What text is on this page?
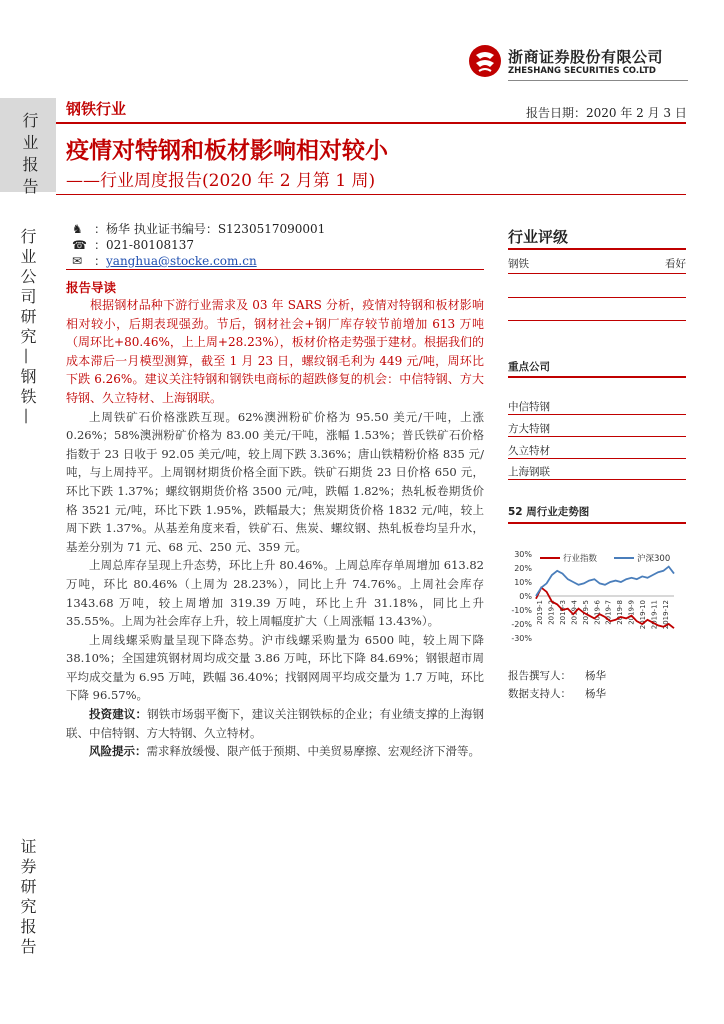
浙商证券股份有限公司
ZHESHANG SECURITIES CO.LTD
行业报告
行业公司研究—钢铁—
证券研究报告
钢铁行业	报告日期：2020 年 2 月 3 日
疫情对特钢和板材影响相对较小
——行业周度报告(2020 年 2 月第 1 周)
♞ ：杨华 执业证书编号：S1230517090001
☎ ：021-80108137
✉ ：yanghua@stocke.com.cn
报告导读

根据钢材品种下游行业需求及 03 年 SARS 分析，疫情对特钢和板材影响相对较小，后期表现强劲。节后，钢材社会+钢厂库存较节前增加 613 万吨（周环比+80.46%，上上周+28.23%），板材价格走势强于建材。根据我们的成本滞后一月模型测算，截至 1 月 23 日，螺纹钢毛利为 449 元/吨，周环比下跌 6.26%。建议关注特钢和钢铁电商标的超跌修复的机会：中信特钢、方大特钢、久立特材、上海钢联。

上周铁矿石价格涨跌互现。62%澳洲粉矿价格为 95.50 美元/干吨，上涨 0.26%；58%澳洲粉矿价格为 83.00 美元/干吨，涨幅 1.53%；普氏铁矿石价格指数于 23 日收于 92.05 美元/吨，较上周下跌 3.36%；唐山铁精粉价格 835 元/吨，与上周持平。上周钢材期货价格全面下跌。铁矿石期货 23 日价格 650 元，环比下跌 1.37%；螺纹钢期货价格 3500 元/吨，跌幅 1.82%；热轧板卷期货价格 3521 元/吨，环比下跌 1.95%，跌幅最大；焦炭期货价格 1832 元/吨，较上周下跌 1.37%。从基差角度来看，铁矿石、焦炭、螺纹钢、热轧板卷均呈升水，基差分别为 71 元、68 元、250 元、359 元。

上周总库存呈现上升态势，环比上升 80.46%。上周总库存单周增加 613.82 万吨，环比 80.46%（上周为 28.23%），同比上升 74.76%。上周社会库存 1343.68 万吨，较上周增加 319.39 万吨，环比上升 31.18%，同比上升 35.55%。上周为社会库存上升，较上周幅度扩大（上周涨幅 13.43%）。

上周线螺采购量呈现下降态势。沪市线螺采购量为 6500 吨，较上周下降 38.10%；全国建筑钢材周均成交量 3.86 万吨，环比下降 84.69%；钢银超市周平均成交量为 6.95 万吨，跌幅 36.40%；找钢网周平均成交量为 1.7 万吨，环比下降 96.57%。

投资建议：钢铁市场弱平衡下，建议关注钢铁标的企业；有业绩支撑的上海钢联、中信特钢、方大特钢、久立特材。

风险提示：需求释放缓慢、限产低于预期、中美贸易摩擦、宏观经济下滑等。

行业评级
钢铁	看好
重点公司
中信特钢
方大特钢
久立特材
上海钢联
52 周行业走势图
30%
20%
10%
0%
-10%
-20%
-30%
2019-1 2019-2 2019-3 2019-4 2019-5 2019-6 2019-7 2019-8 2019-9 2019-10 2019-11 2019-12
行业指数	沪深300
报告撰写人： 杨华
数据支持人： 杨华
